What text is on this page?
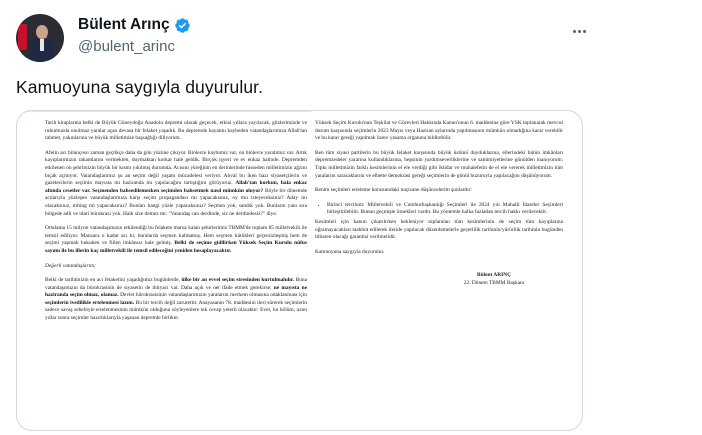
Bülent Arınç
@bulent_arinc
Kamuoyuna saygıyla duyurulur.

Tarih kitaplarına belki de Büyük Güneydoğu Anadolu depremi olarak geçecek, etkisi yıllara yayılacak, gözlerimizde ve ruhumuzda onulmaz yaralar açan devasa bir felaket yaşadık. Bu depremde hayatını kaybeden vatandaşlarımıza Allah'tan rahmet, yakınlarına ve büyük milletimize başsağlığı diliyorum.

Afetin acı bilançosu zaman geçtikçe daha da gün yüzüne çıkıyor. Binlerce kaybımız var, on binlerce yaralımız var. Artık kayıplarımızın rakamlarını vermekten, duymaktan korkar hale geldik. Birçok işyeri ve ev enkaz halinde. Depremden etkilenen on şehrimizin büyük bir kısmı yıkılmış durumda. Acısını yüreğinin en derinlerinde hisseden milletimizin ağzını bıçak açmıyor. Vatandaşlarımız şu an seçim değil yaşam mücadelesi veriyor. Ahval bu iken bazı siyasetçilerin ve gazetecilerin seçimin mayısta mı haziranda mı yapılacağını tartıştığını görüyoruz. Allah'tan korkun, hala enkaz altında cesetler var. Seçmenden bahsedilemezken seçimden bahsetmek nasıl mümkün oluyor? Böyle bir dönemde acılarıyla yüzleşen vatandaşlarımıza karşı seçim propagandası mı yapacaksınız, oy mu isteyeceksiniz? Aday mı olacaksınız, miting mi yapacaksınız? Bunları hangi yüzle yapacaksınız? Seçmen yok, sandık yok. Bunların yanı sıra bölgede adli ve idari bürokrasi yok. Halk size demez mi: "Vatandaş can derdinde, siz ne derdindesiz?" diye.

Ortalama 15 milyon vatandaşımızın etkilendiği bu felakete maruz kalan şehirlerimiz TBMM'de toplam 85 milletvekili ile temsil ediliyor. Manzara o kadar acı ki; buralarda seçmen kalmamış. Hem seçmen kütükleri geçersizleşmiş hem de seçimi yapmak hukuken ve fiilen imkânsız hale gelmiş. Belki de seçime gidilirken Yüksek Seçim Kurulu nüfus sayımı ile bu illerin kaç milletvekili ile temsil edileceğini yeniden hesaplayacaktır.

Değerli vatandaşlarım;

Belki de tarihimizin en acı felaketini yaşadığımız bugünlerde, ülke bir an evvel seçim stresinden kurtulmalıdır. Buna vatandaşımızın da bürokrasinin de siyasetin de ihtiyacı var. Daha açık ve net ifade etmek gerekirse; ne mayısta ne haziranda seçim olmaz, olamaz. Devlet bürokrasisinin vatandaşlarımızın yaralarını merhem olmasına odaklanması için seçimlerin ivedilikle ertelenmesi lazım. Bu bir tercih değil zarurettir. Anayasanın 78. maddesini ileri sürerek seçimlerin sadece savaş sebebiyle ertelenmesinin mümkün olduğunu söyleyenlere tek cevap yeterli olacaktır: Evet, bu bölüm, uzun yıllar sonra seçimler hazırlıklarıyla yaşanan depremle birlikte.

Yüksek Seçim Kurulu'nun Teşkilat ve Görevleri Hakkında Kanun'unun 6. maddesine göre YSK toplanarak mevcut durum karşısında seçimlerin 2023 Mayıs veya Haziran aylarında yapılmasının mümkün olmadığına karar verebilir ve bu karar gereği yapılmak üzere yasama organına bildirebilir.

Ben tüm siyasi partilerin bu büyük felaket karşısında büyük üstünü duyduklarına, ellerindeki bütün imkânları depremzedeler yararına kullandıklarına, hepsinin yardımseverliklerine ve samimiyetlerine gönülden inanıyorum. Tıpkı milletimizin farklı kesimlerinin el ele verdiği gibi iktidar ve muhalefetin de el ele vererek milletimizin tüm yaralarını saracaklarını ve elbette demokrasi gereği seçimlerin de gönül huzuruyla yapılacağını düşünüyorum.

Benim seçimleri erteleme konusundaki naçizane düşüncelerim şunlardır:

• Birinci tercihim: Milletvekili ve Cumhurbaşkanlığı Seçimleri ile 2024 yılı Mahalli İdareler Seçimleri birleştirilebilir. Bunun geçmişte örnekleri vardır. Bu yöntemle halka fazladan tercih hakkı verilecektir.

Kesimleri için kanun çıkarılırken bekleniyor toplanılan tüm kesimlerinin de seçim tüm kayıplarına uğramayacakları taahhüt edilerek ileride yapılacak düzenlemelerle geçerlilik tarihinin/yürürlük tarihinin bugünden itibaren olacağı garantisi verilmelidir.

Kamuoyuna saygıyla duyurulur.

Bülent ARINÇ
22. Dönem TBMM Başkanı
